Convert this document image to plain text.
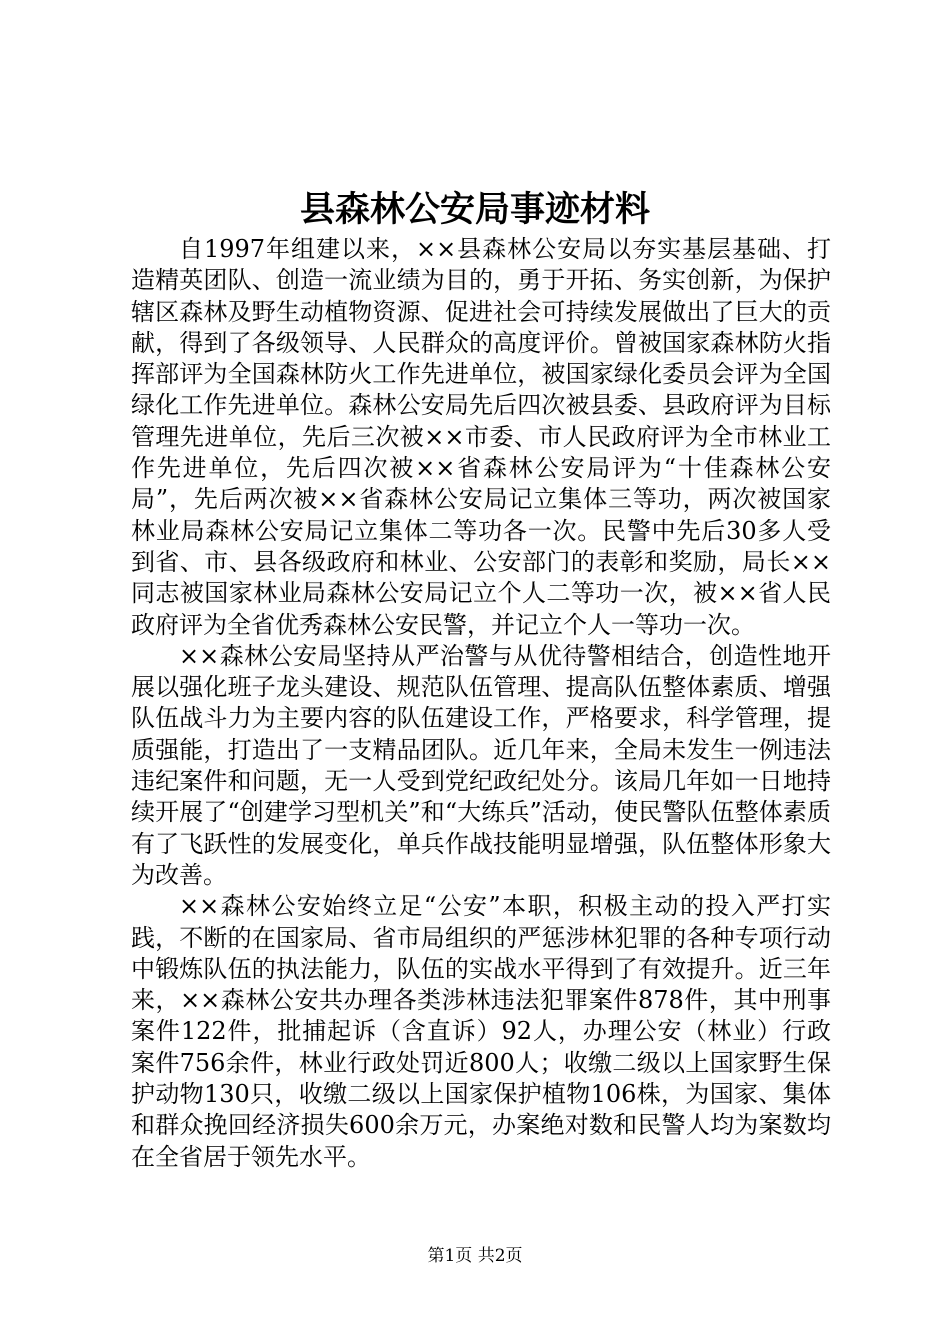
县森林公安局事迹材料

自1997年组建以来，××县森林公安局以夯实基层基础、打造精英团队、创造一流业绩为目的，勇于开拓、务实创新，为保护辖区森林及野生动植物资源、促进社会可持续发展做出了巨大的贡献，得到了各级领导、人民群众的高度评价。曾被国家森林防火指挥部评为全国森林防火工作先进单位，被国家绿化委员会评为全国绿化工作先进单位。森林公安局先后四次被县委、县政府评为目标管理先进单位，先后三次被××市委、市人民政府评为全市林业工作先进单位，先后四次被××省森林公安局评为“十佳森林公安局”，先后两次被××省森林公安局记立集体三等功，两次被国家林业局森林公安局记立集体二等功各一次。民警中先后30多人受到省、市、县各级政府和林业、公安部门的表彰和奖励，局长××同志被国家林业局森林公安局记立个人二等功一次，被××省人民政府评为全省优秀森林公安民警，并记立个人一等功一次。

××森林公安局坚持从严治警与从优待警相结合，创造性地开展以强化班子龙头建设、规范队伍管理、提高队伍整体素质、增强队伍战斗力为主要内容的队伍建设工作，严格要求，科学管理，提质强能，打造出了一支精品团队。近几年来，全局未发生一例违法违纪案件和问题，无一人受到党纪政纪处分。该局几年如一日地持续开展了“创建学习型机关”和“大练兵”活动，使民警队伍整体素质有了飞跃性的发展变化，单兵作战技能明显增强，队伍整体形象大为改善。

××森林公安始终立足“公安”本职，积极主动的投入严打实践，不断的在国家局、省市局组织的严惩涉林犯罪的各种专项行动中锻炼队伍的执法能力，队伍的实战水平得到了有效提升。近三年来，××森林公安共办理各类涉林违法犯罪案件878件，其中刑事案件122件，批捕起诉（含直诉）92人，办理公安（林业）行政案件756余件，林业行政处罚近800人；收缴二级以上国家野生保护动物130只，收缴二级以上国家保护植物106株，为国家、集体和群众挽回经济损失600余万元，办案绝对数和民警人均为案数均在全省居于领先水平。

第1页 共2页
